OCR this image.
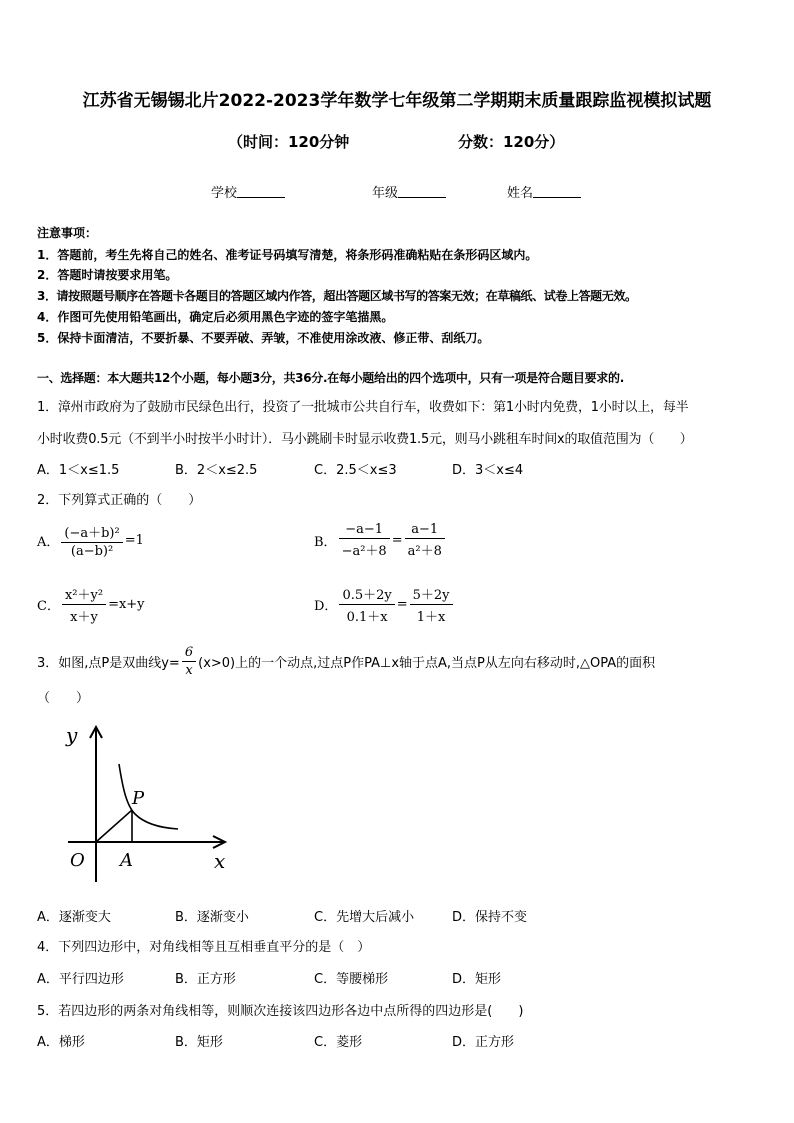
江苏省无锡锡北片2022-2023学年数学七年级第二学期期末质量跟踪监视模拟试题
（时间：120分钟	分数：120分）
学校	年级	姓名
注意事项：
1．答题前，考生先将自己的姓名、准考证号码填写清楚，将条形码准确粘贴在条形码区域内。
2．答题时请按要求用笔。
3．请按照题号顺序在答题卡各题目的答题区域内作答，超出答题区域书写的答案无效；在草稿纸、试卷上答题无效。
4．作图可先使用铅笔画出，确定后必须用黑色字迹的签字笔描黑。
5．保持卡面清洁，不要折暴、不要弄破、弄皱，不准使用涂改液、修正带、刮纸刀。
一、选择题：本大题共12个小题，每小题3分，共36分.在每小题给出的四个选项中，只有一项是符合题目要求的.
1．漳州市政府为了鼓励市民绿色出行，投资了一批城市公共自行车，收费如下：第1小时内免费，1小时以上，每半
小时收费0.5元（不到半小时按半小时计）．马小跳刷卡时显示收费1.5元，则马小跳租车时间x的取值范围为（　　）
A．1＜x≤1.5	B．2＜x≤2.5	C．2.5＜x≤3	D．3＜x≤4
2．下列算式正确的（　　）
A． $\frac{\text{(−a＋b)²}}{\text{(a−b)²}} =1$	B． $\frac{-a-1}{\text{−a²＋8}} = \frac{a-1}{\text{a²＋8}}$
C． $\frac{\text{x²＋y²}}{x+y} =x+y$	D． $\frac{0.5+2y}{0.1+x} = \frac{5+2y}{1+x}$
3．如图,点P是双曲线$y= \frac{6}{x} (x>0)$上的一个动点,过点P作PA⊥x轴于点A,当点P从左向右移动时,△OPA的面积
（　　）
y
x
O A
P
A．逐渐变大	B．逐渐变小	C．先增大后减小	D．保持不变
4．下列四边形中，对角线相等且互相垂直平分的是（　）
A．平行四边形	B．正方形	C．等腰梯形	D．矩形
5．若四边形的两条对角线相等，则顺次连接该四边形各边中点所得的四边形是(　　)
A．梯形	B．矩形	C．菱形	D．正方形
